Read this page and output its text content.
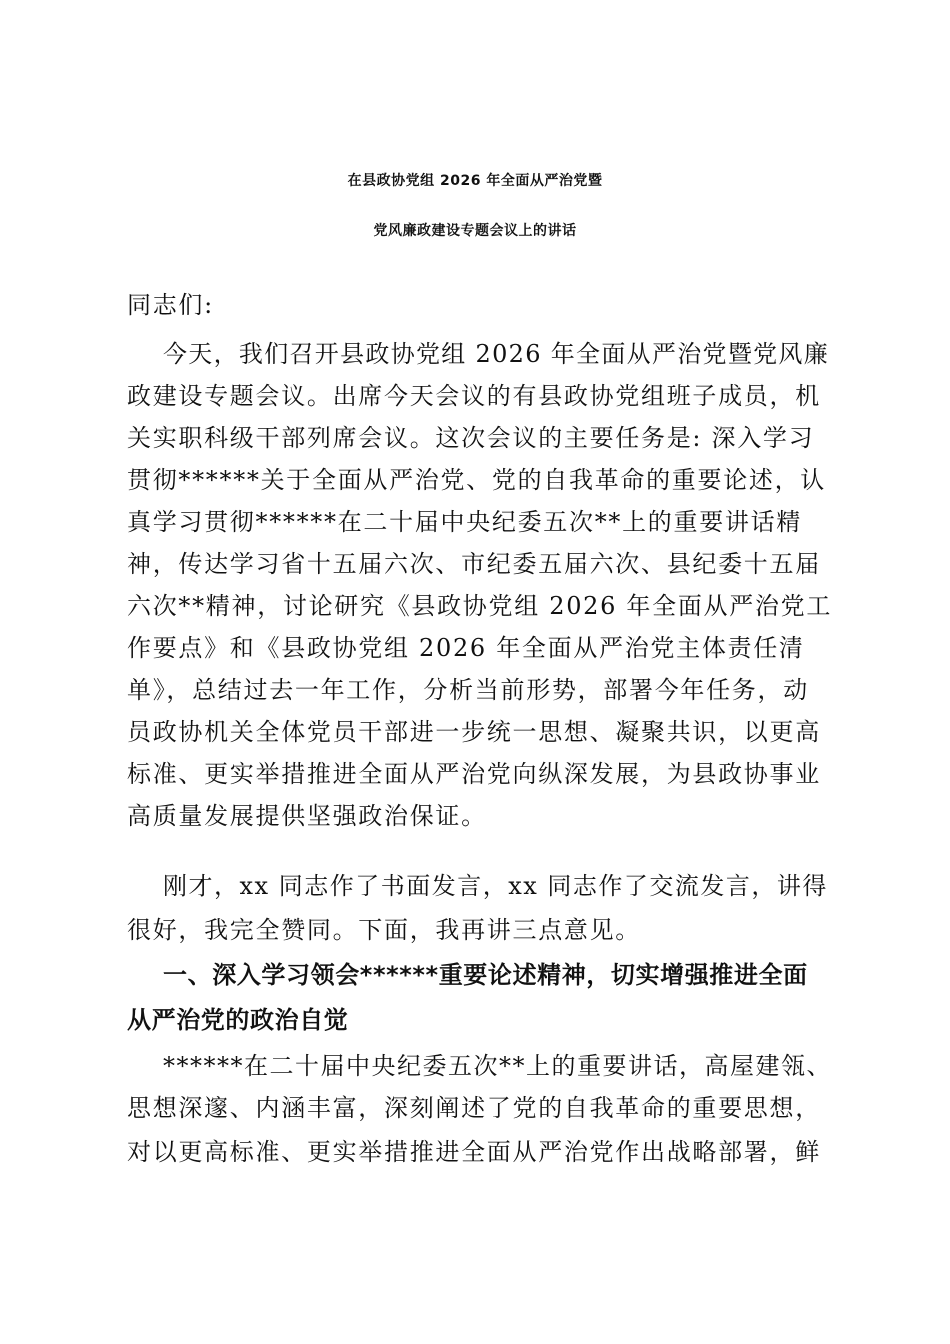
在县政协党组 2026 年全面从严治党暨
党风廉政建设专题会议上的讲话
同志们:
今天，我们召开县政协党组 2026 年全面从严治党暨党风廉
政建设专题会议。出席今天会议的有县政协党组班子成员，机
关实职科级干部列席会议。这次会议的主要任务是: 深入学习
贯彻******关于全面从严治党、党的自我革命的重要论述，认
真学习贯彻******在二十届中央纪委五次**上的重要讲话精
神，传达学习省十五届六次、市纪委五届六次、县纪委十五届
六次**精神，讨论研究《县政协党组 2026 年全面从严治党工
作要点》和《县政协党组 2026 年全面从严治党主体责任清
单》，总结过去一年工作，分析当前形势，部署今年任务，动
员政协机关全体党员干部进一步统一思想、凝聚共识，以更高
标准、更实举措推进全面从严治党向纵深发展，为县政协事业
高质量发展提供坚强政治保证。
刚才，xx 同志作了书面发言，xx 同志作了交流发言，讲得
很好，我完全赞同。下面，我再讲三点意见。
一、深入学习领会******重要论述精神，切实增强推进全面
从严治党的政治自觉
******在二十届中央纪委五次**上的重要讲话，高屋建瓴、
思想深邃、内涵丰富，深刻阐述了党的自我革命的重要思想，
对以更高标准、更实举措推进全面从严治党作出战略部署，鲜
